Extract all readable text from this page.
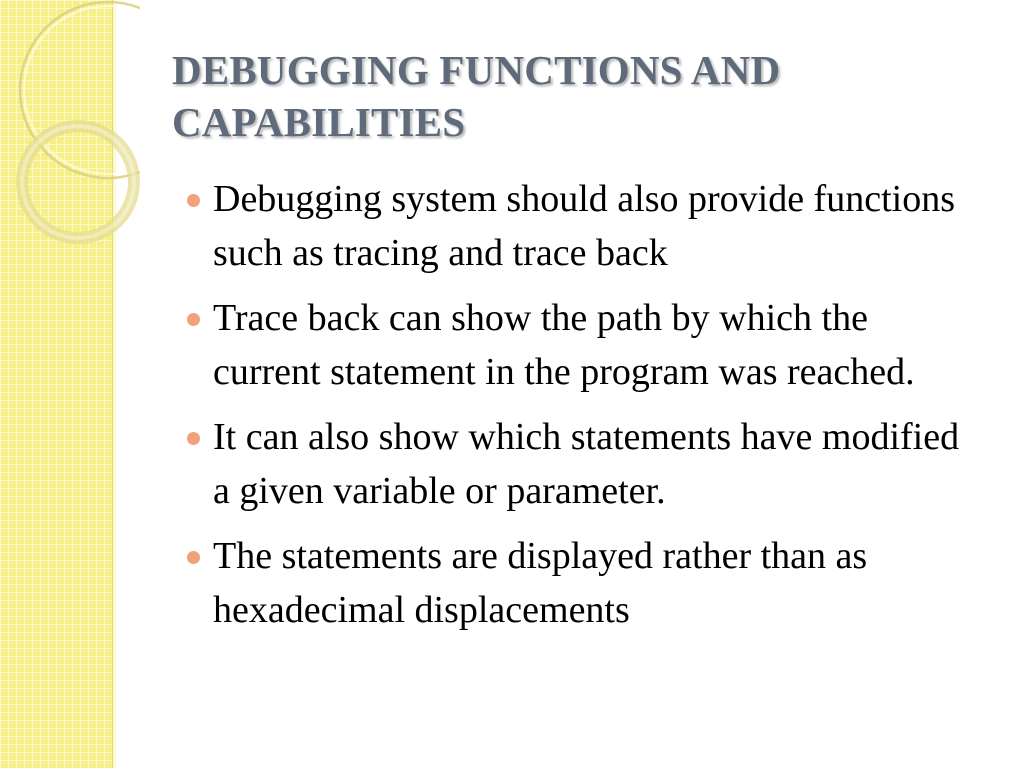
DEBUGGING FUNCTIONS AND CAPABILITIES
Debugging system should also provide functions such as tracing and trace back
Trace back can show the path by which the current statement in the program was reached.
It can also show which statements have modified a given variable or parameter.
The statements are displayed rather than as hexadecimal displacements
